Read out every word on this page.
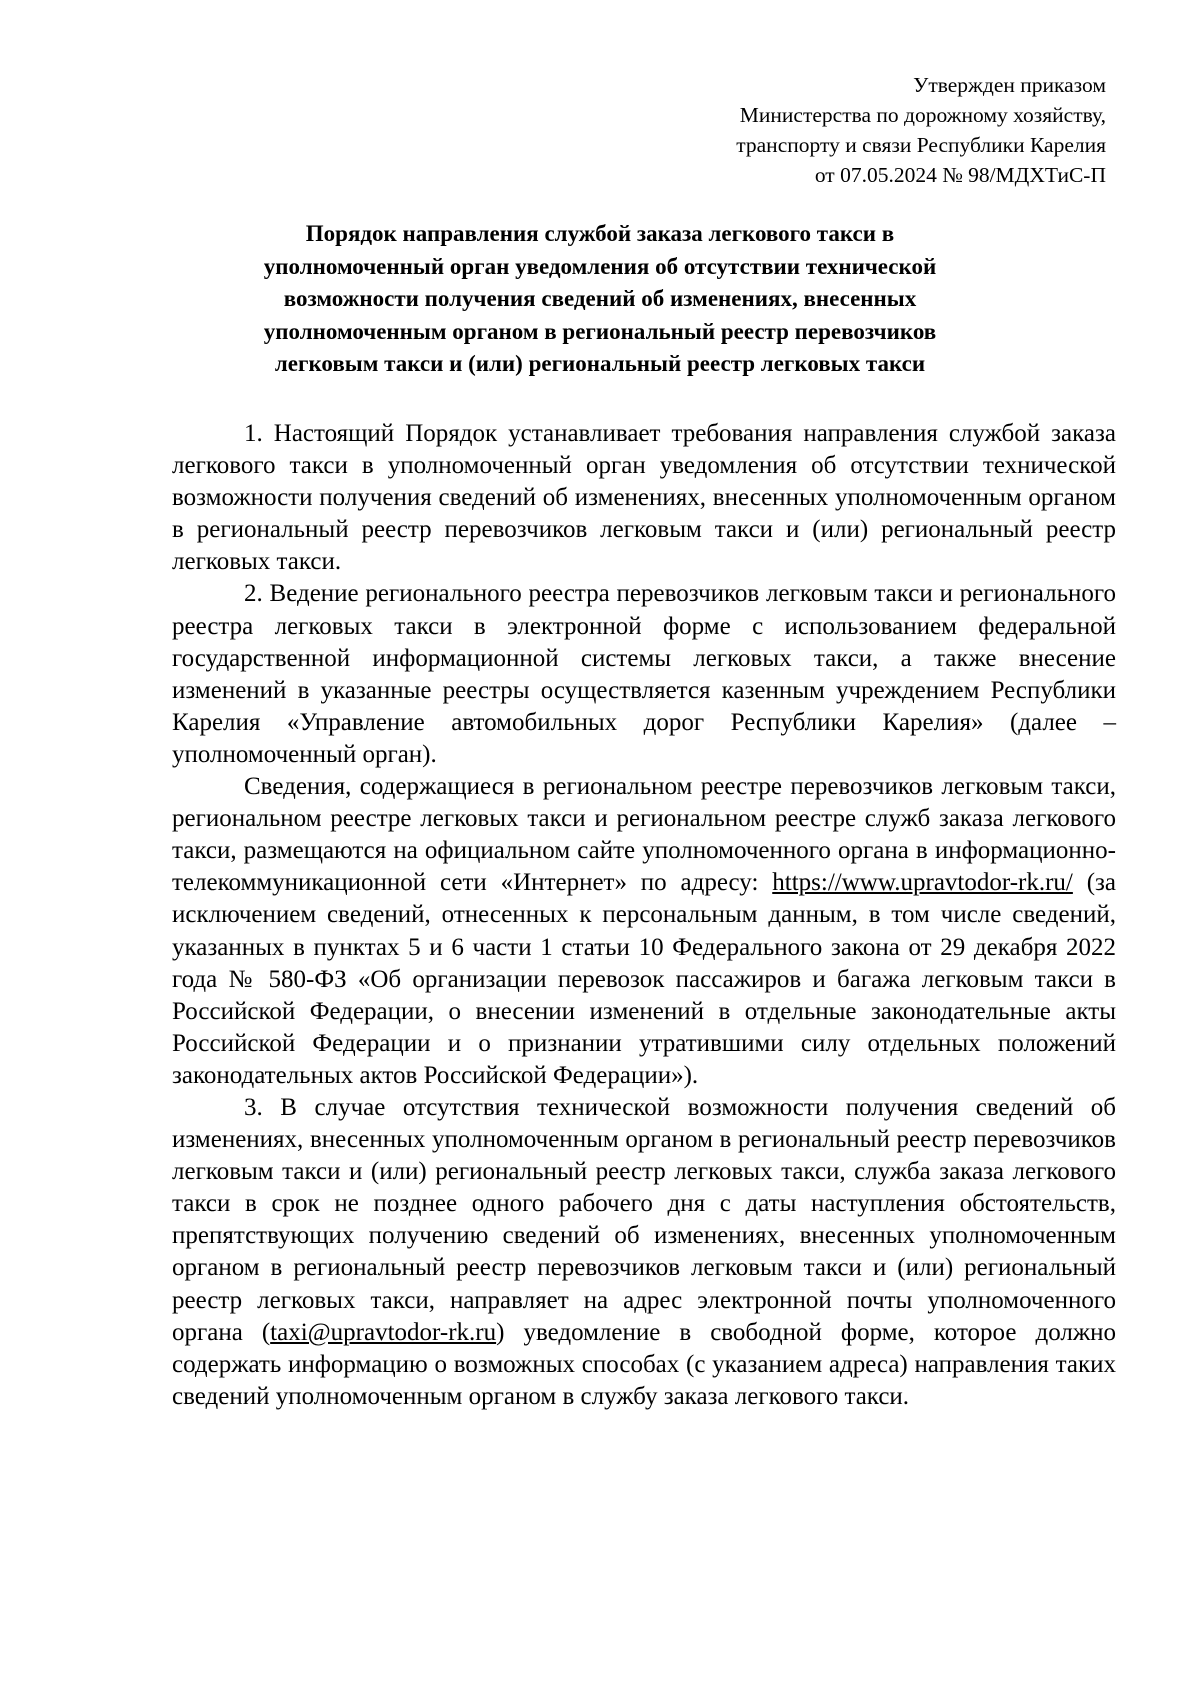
Утвержден приказом
Министерства по дорожному хозяйству,
транспорту и связи Республики Карелия
от 07.05.2024 № 98/МДХТиС-П
Порядок направления службой заказа легкового такси в
уполномоченный орган уведомления об отсутствии технической
возможности получения сведений об изменениях, внесенных
уполномоченным органом в региональный реестр перевозчиков
легковым такси и (или) региональный реестр легковых такси

1. Настоящий Порядок устанавливает требования направления службой заказа легкового такси в уполномоченный орган уведомления об отсутствии технической возможности получения сведений об изменениях, внесенных уполномоченным органом в региональный реестр перевозчиков легковым такси и (или) региональный реестр легковых такси.

2. Ведение регионального реестра перевозчиков легковым такси и регионального реестра легковых такси в электронной форме с использованием федеральной государственной информационной системы легковых такси, а также внесение изменений в указанные реестры осуществляется казенным учреждением Республики Карелия «Управление автомобильных дорог Республики Карелия» (далее – уполномоченный орган).

Сведения, содержащиеся в региональном реестре перевозчиков легковым такси, региональном реестре легковых такси и региональном реестре служб заказа легкового такси, размещаются на официальном сайте уполномоченного органа в информационно-телекоммуникационной сети «Интернет» по адресу: https://www.upravtodor-rk.ru/ (за исключением сведений, отнесенных к персональным данным, в том числе сведений, указанных в пунктах 5 и 6 части 1 статьи 10 Федерального закона от 29 декабря 2022 года № 580-ФЗ «Об организации перевозок пассажиров и багажа легковым такси в Российской Федерации, о внесении изменений в отдельные законодательные акты Российской Федерации и о признании утратившими силу отдельных положений законодательных актов Российской Федерации»).

3. В случае отсутствия технической возможности получения сведений об изменениях, внесенных уполномоченным органом в региональный реестр перевозчиков легковым такси и (или) региональный реестр легковых такси, служба заказа легкового такси в срок не позднее одного рабочего дня с даты наступления обстоятельств, препятствующих получению сведений об изменениях, внесенных уполномоченным органом в региональный реестр перевозчиков легковым такси и (или) региональный реестр легковых такси, направляет на адрес электронной почты уполномоченного органа (taxi@upravtodor-rk.ru) уведомление в свободной форме, которое должно содержать информацию о возможных способах (с указанием адреса) направления таких сведений уполномоченным органом в службу заказа легкового такси.
